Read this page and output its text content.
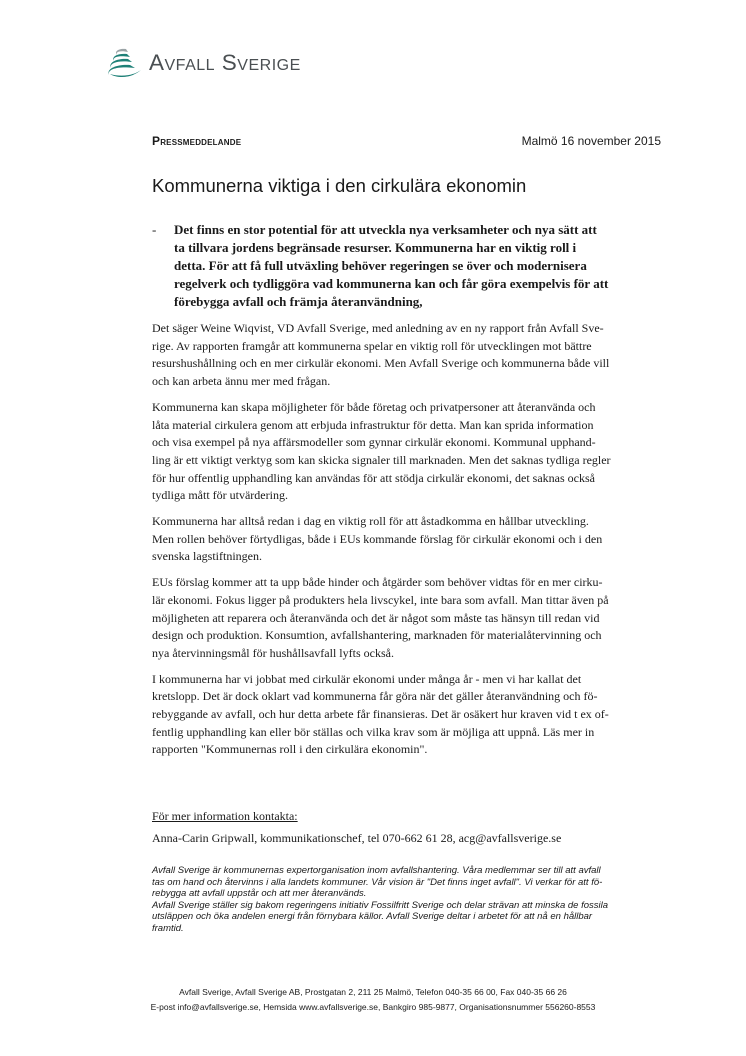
Avfall Sverige
Pressmeddelande	Malmö 16 november 2015
Kommunerna viktiga i den cirkulära ekonomin
- Det finns en stor potential för att utveckla nya verksamheter och nya sätt att
ta tillvara jordens begränsade resurser. Kommunerna har en viktig roll i
detta. För att få full utväxling behöver regeringen se över och modernisera
regelverk och tydliggöra vad kommunerna kan och får göra exempelvis för att
förebygga avfall och främja återanvändning,

Det säger Weine Wiqvist, VD Avfall Sverige, med anledning av en ny rapport från Avfall Sve-
rige. Av rapporten framgår att kommunerna spelar en viktig roll för utvecklingen mot bättre
resurshushållning och en mer cirkulär ekonomi. Men Avfall Sverige och kommunerna både vill
och kan arbeta ännu mer med frågan.

Kommunerna kan skapa möjligheter för både företag och privatpersoner att återanvända och
låta material cirkulera genom att erbjuda infrastruktur för detta. Man kan sprida information
och visa exempel på nya affärsmodeller som gynnar cirkulär ekonomi. Kommunal upphand-
ling är ett viktigt verktyg som kan skicka signaler till marknaden. Men det saknas tydliga regler
för hur offentlig upphandling kan användas för att stödja cirkulär ekonomi, det saknas också
tydliga mått för utvärdering.

Kommunerna har alltså redan i dag en viktig roll för att åstadkomma en hållbar utveckling.
Men rollen behöver förtydligas, både i EUs kommande förslag för cirkulär ekonomi och i den
svenska lagstiftningen.

EUs förslag kommer att ta upp både hinder och åtgärder som behöver vidtas för en mer cirku-
lär ekonomi. Fokus ligger på produkters hela livscykel, inte bara som avfall. Man tittar även på
möjligheten att reparera och återanvända och det är något som måste tas hänsyn till redan vid
design och produktion. Konsumtion, avfallshantering, marknaden för materialåtervinning och
nya återvinningsmål för hushållsavfall lyfts också.

I kommunerna har vi jobbat med cirkulär ekonomi under många år - men vi har kallat det
kretslopp. Det är dock oklart vad kommunerna får göra när det gäller återanvändning och fö-
rebyggande av avfall, och hur detta arbete får finansieras. Det är osäkert hur kraven vid t ex of-
fentlig upphandling kan eller bör ställas och vilka krav som är möjliga att uppnå. Läs mer in
rapporten "Kommunernas roll i den cirkulära ekonomin".

För mer information kontakta:
Anna-Carin Gripwall, kommunikationschef, tel 070-662 61 28, acg@avfallsverige.se

Avfall Sverige är kommunernas expertorganisation inom avfallshantering. Våra medlemmar ser till att avfall
tas om hand och återvinns i alla landets kommuner. Vår vision är "Det finns inget avfall". Vi verkar för att fö-
rebygga att avfall uppstår och att mer återanvänds.

Avfall Sverige ställer sig bakom regeringens initiativ Fossilfritt Sverige och delar strävan att minska de fossila
utsläppen och öka andelen energi från förnybara källor. Avfall Sverige deltar i arbetet för att nå en hållbar
framtid.

Avfall Sverige, Avfall Sverige AB, Prostgatan 2, 211 25 Malmö, Telefon 040-35 66 00, Fax 040-35 66 26
E-post info@avfallsverige.se, Hemsida www.avfallsverige.se, Bankgiro 985-9877, Organisationsnummer 556260-8553
